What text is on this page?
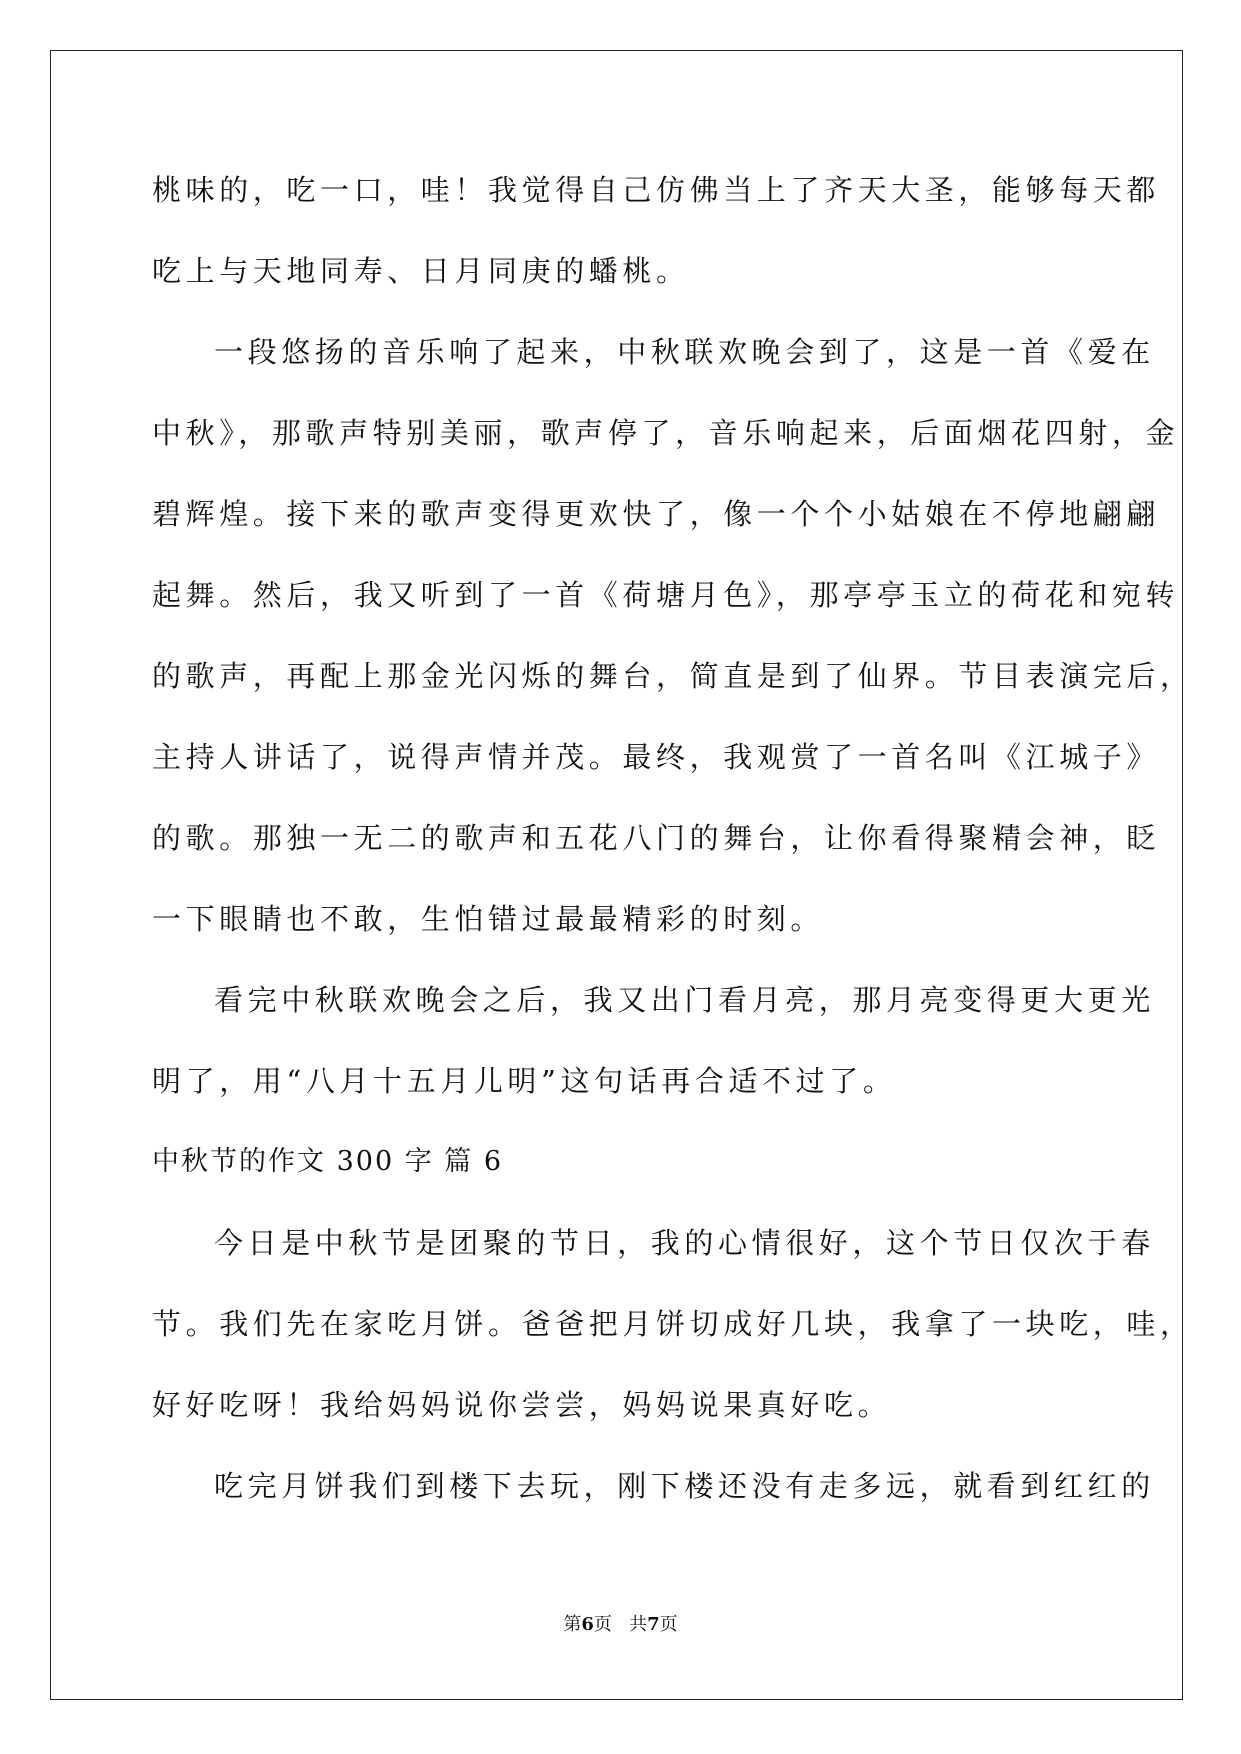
桃味的，吃一口，哇！我觉得自己仿佛当上了齐天大圣，能够每天都
吃上与天地同寿、日月同庚的蟠桃。
一段悠扬的音乐响了起来，中秋联欢晚会到了，这是一首《爱在
中秋》，那歌声特别美丽，歌声停了，音乐响起来，后面烟花四射，金
碧辉煌。接下来的歌声变得更欢快了，像一个个小姑娘在不停地翩翩
起舞。然后，我又听到了一首《荷塘月色》，那亭亭玉立的荷花和宛转
的歌声，再配上那金光闪烁的舞台，简直是到了仙界。节目表演完后，
主持人讲话了，说得声情并茂。最终，我观赏了一首名叫《江城子》
的歌。那独一无二的歌声和五花八门的舞台，让你看得聚精会神，眨
一下眼睛也不敢，生怕错过最最精彩的时刻。
看完中秋联欢晚会之后，我又出门看月亮，那月亮变得更大更光
明了，用“八月十五月儿明”这句话再合适不过了。
中秋节的作文 300 字 篇 6
今日是中秋节是团聚的节日，我的心情很好，这个节日仅次于春
节。我们先在家吃月饼。爸爸把月饼切成好几块，我拿了一块吃，哇，
好好吃呀！我给妈妈说你尝尝，妈妈说果真好吃。
吃完月饼我们到楼下去玩，刚下楼还没有走多远，就看到红红的
第6页   共7页
